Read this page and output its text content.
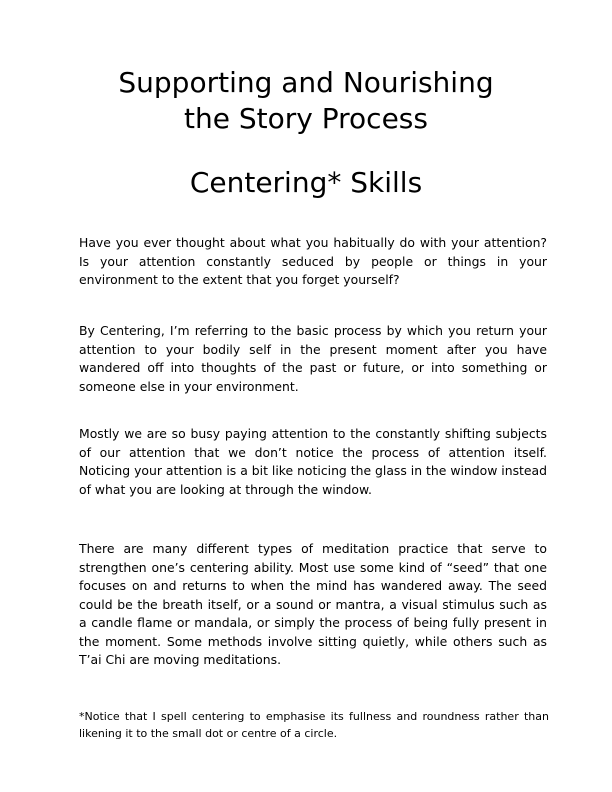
Supporting and Nourishing
the Story Process
Centering* Skills

Have you ever thought about what you habitually do with your attention? Is your attention constantly seduced by people or things in your environment to the extent that you forget yourself?

By Centering, I’m referring to the basic process by which you return your attention to your bodily self in the present moment after you have wandered off into thoughts of the past or future, or into something or someone else in your environment.

Mostly we are so busy paying attention to the constantly shifting subjects of our attention that we don’t notice the process of attention itself. Noticing your attention is a bit like noticing the glass in the window instead of what you are looking at through the window.

There are many different types of meditation practice that serve to strengthen one’s centering ability. Most use some kind of “seed” that one focuses on and returns to when the mind has wandered away. The seed could be the breath itself, or a sound or mantra, a visual stimulus such as a candle flame or mandala, or simply the process of being fully present in the moment. Some methods involve sitting quietly, while others such as T’ai Chi are moving meditations.

*Notice that I spell centering to emphasise its fullness and roundness rather than likening it to the small dot or centre of a circle.
